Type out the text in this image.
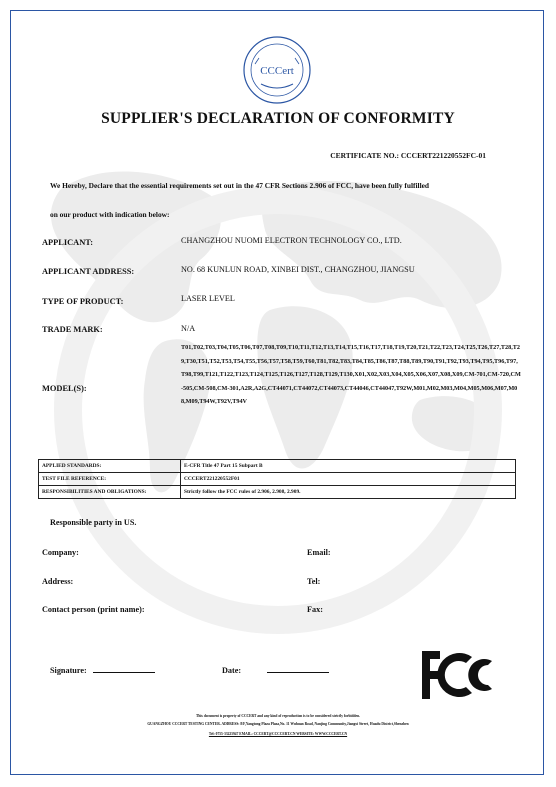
CCCert
SUPPLIER'S DECLARATION OF CONFORMITY
CERTIFICATE NO.: CCCERT221220552FC-01
We Hereby, Declare that the essential requirements set out in the 47 CFR Sections 2.906 of FCC, have been fully fulfilled
on our product with indication below:
APPLICANT:	CHANGZHOU NUOMI ELECTRON TECHNOLOGY CO., LTD.
APPLICANT ADDRESS:	NO. 68 KUNLUN ROAD, XINBEI DIST., CHANGZHOU, JIANGSU
TYPE OF PRODUCT:	LASER LEVEL
TRADE MARK:	N/A
MODEL(S):
T01,T02,T03,T04,T05,T06,T07,T08,T09,T10,T11,T12,T13,T14,T15,T16,T17,T18,T19,T20,T21,T22,T23,T24,T25,T26,T27,T28,T29,T30,T51,T52,T53,T54,T55,T56,T57,T58,T59,T60,T81,T82,T83,T84,T85,T86,T87,T88,T89,T90,T91,T92,T93,T94,T95,T96,T97,T98,T99,T121,T122,T123,T124,T125,T126,T127,T128,T129,T130,X01,X02,X03,X04,X05,X06,X07,X08,X09,CM-701,CM-720,CM-505,CM-508,CM-301,A2R,A2G,CT44071,CT44072,CT44073,CT44046,CT44047,T92W,M01,M02,M03,M04,M05,M06,M07,M08,M09,T94W,T92V,T94V
APPLIED STANDARDS:	E-CFR Title 47 Part 15 Subpart B
TEST FILE REFERENCE:	CCCERT221220552F01
RESPONSIBILITIES AND OBLIGATIONS:	Strictly follow the FCC rules of 2.906, 2.908, 2.909.
Responsible party in US.
Company:	Email:
Address:	Tel:
Contact person (print name):	Fax:
Signature:	Date:
This document is property of CCCERT and any kind of reproduction is to be considered strictly forbidden.
GUANGZHOU CCCERT TESTING CENTER. ADDRESS: 8/F,Yangtong Plaza Plaza,No. 11 Wuhuan Road, Nanjing Community,Jiangxi Street, Huadu District,Shenzhen
Tel: 0755-33225947 EMAIL: CCCERT@CCCCERT.CN WEBSITE: WWW.CCCERT.CN
